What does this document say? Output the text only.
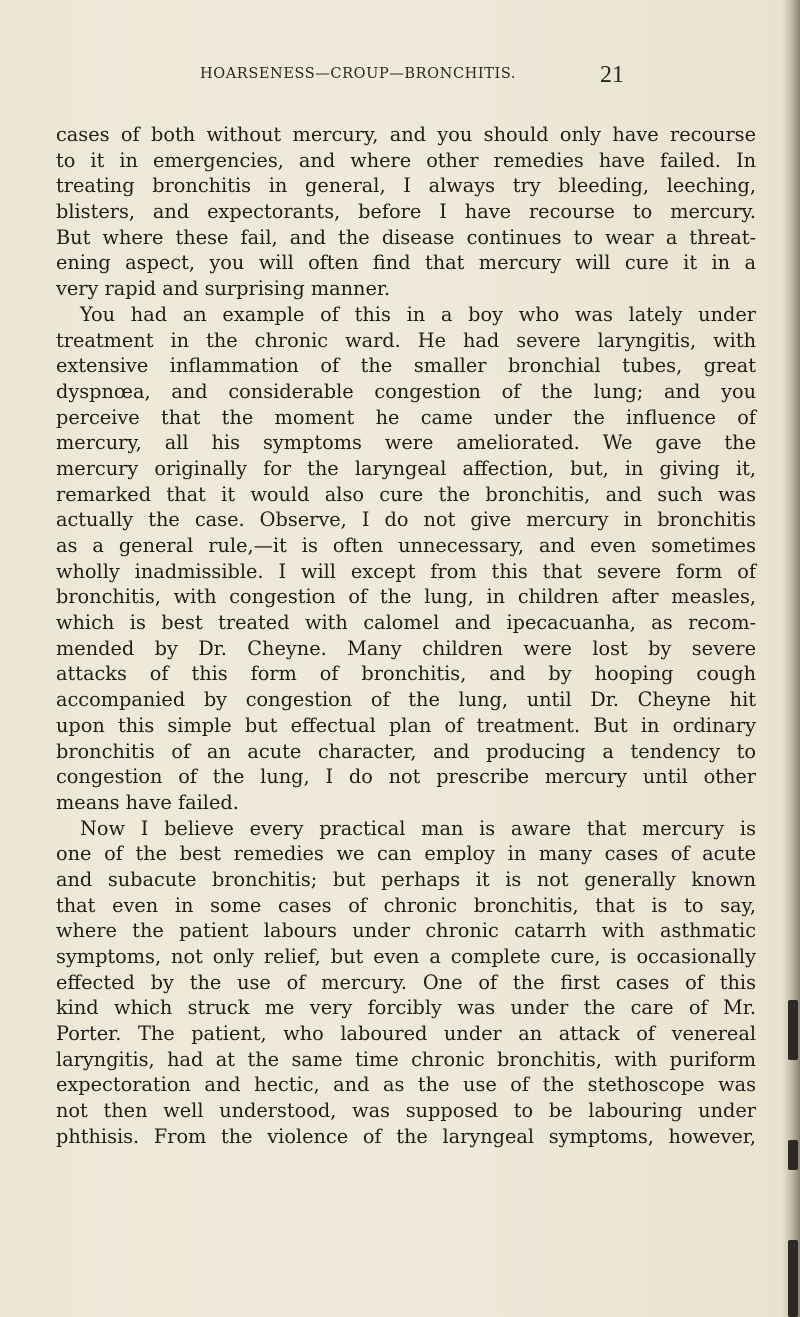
HOARSENESS—CROUP—BRONCHITIS.	21
cases of both without mercury, and you should only have recourse
to it in emergencies, and where other remedies have failed. In
treating bronchitis in general, I always try bleeding, leeching,
blisters, and expectorants, before I have recourse to mercury.
But where these fail, and the disease continues to wear a threat-
ening aspect, you will often find that mercury will cure it in a
very rapid and surprising manner.
You had an example of this in a boy who was lately under
treatment in the chronic ward. He had severe laryngitis, with
extensive inflammation of the smaller bronchial tubes, great
dyspnœa, and considerable congestion of the lung; and you
perceive that the moment he came under the influence of
mercury, all his symptoms were ameliorated. We gave the
mercury originally for the laryngeal affection, but, in giving it,
remarked that it would also cure the bronchitis, and such was
actually the case. Observe, I do not give mercury in bronchitis
as a general rule,—it is often unnecessary, and even sometimes
wholly inadmissible. I will except from this that severe form of
bronchitis, with congestion of the lung, in children after measles,
which is best treated with calomel and ipecacuanha, as recom-
mended by Dr. Cheyne. Many children were lost by severe
attacks of this form of bronchitis, and by hooping cough
accompanied by congestion of the lung, until Dr. Cheyne hit
upon this simple but effectual plan of treatment. But in ordinary
bronchitis of an acute character, and producing a tendency to
congestion of the lung, I do not prescribe mercury until other
means have failed.
Now I believe every practical man is aware that mercury is
one of the best remedies we can employ in many cases of acute
and subacute bronchitis; but perhaps it is not generally known
that even in some cases of chronic bronchitis, that is to say,
where the patient labours under chronic catarrh with asthmatic
symptoms, not only relief, but even a complete cure, is occasionally
effected by the use of mercury. One of the first cases of this
kind which struck me very forcibly was under the care of Mr.
Porter. The patient, who laboured under an attack of venereal
laryngitis, had at the same time chronic bronchitis, with puriform
expectoration and hectic, and as the use of the stethoscope was
not then well understood, was supposed to be labouring under
phthisis. From the violence of the laryngeal symptoms, however,
